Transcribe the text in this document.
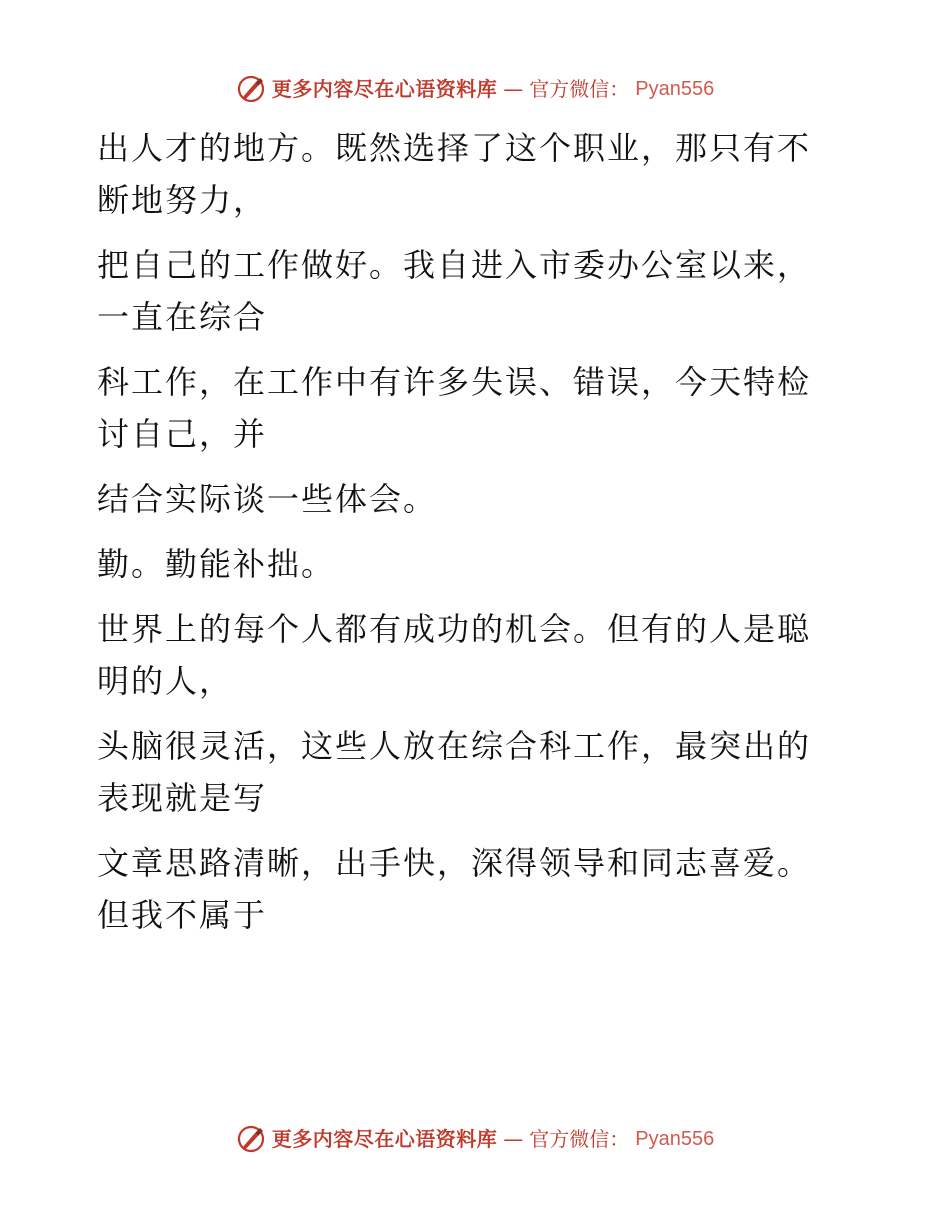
更多内容尽在心语资料库 — 官方微信： Pyan556

出人才的地方。既然选择了这个职业，那只有不断地努力，

把自己的工作做好。我自进入市委办公室以来，一直在综合

科工作，在工作中有许多失误、错误，今天特检讨自己，并

结合实际谈一些体会。

勤。勤能补拙。

世界上的每个人都有成功的机会。但有的人是聪明的人，

头脑很灵活，这些人放在综合科工作，最突出的表现就是写

文章思路清晰，出手快，深得领导和同志喜爱。但我不属于

更多内容尽在心语资料库 — 官方微信： Pyan556
